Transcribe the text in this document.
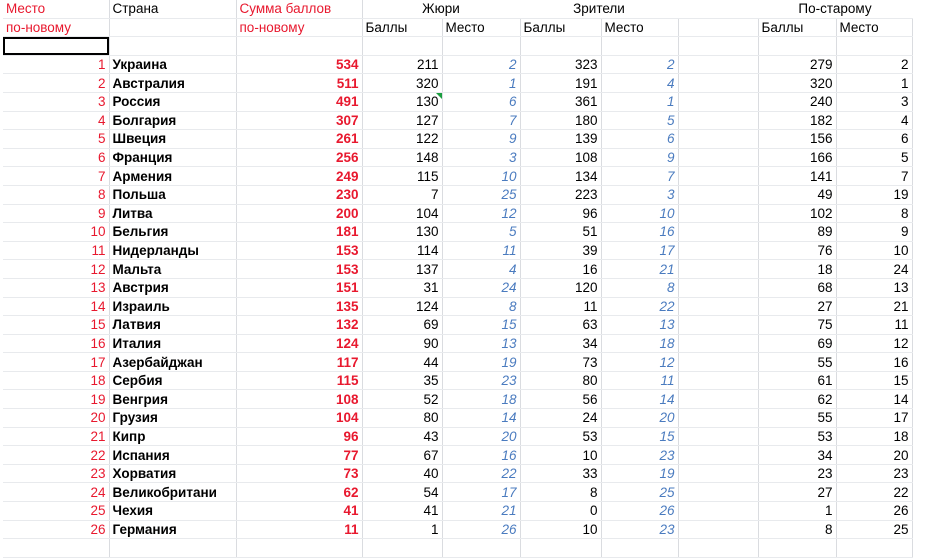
Место	Страна	Сумма баллов	Жюри		Зрители			По-старому	
по-новому		по-новому	Баллы	Место	Баллы	Место		Баллы	Место

1	Украина	534	211	2	323	2		279	2
2	Австралия	511	320	1	191	4		320	1
3	Россия	491	130	6	361	1		240	3
4	Болгария	307	127	7	180	5		182	4
5	Швеция	261	122	9	139	6		156	6
6	Франция	256	148	3	108	9		166	5
7	Армения	249	115	10	134	7		141	7
8	Польша	230	7	25	223	3		49	19
9	Литва	200	104	12	96	10		102	8
10	Бельгия	181	130	5	51	16		89	9
11	Нидерланды	153	114	11	39	17		76	10
12	Мальта	153	137	4	16	21		18	24
13	Австрия	151	31	24	120	8		68	13
14	Израиль	135	124	8	11	22		27	21
15	Латвия	132	69	15	63	13		75	11
16	Италия	124	90	13	34	18		69	12
17	Азербайджан	117	44	19	73	12		55	16
18	Сербия	115	35	23	80	11		61	15
19	Венгрия	108	52	18	56	14		62	14
20	Грузия	104	80	14	24	20		55	17
21	Кипр	96	43	20	53	15		53	18
22	Испания	77	67	16	10	23		34	20
23	Хорватия	73	40	22	33	19		23	23
24	Великобритани	62	54	17	8	25		27	22
25	Чехия	41	41	21	0	26		1	26
26	Германия	11	1	26	10	23		8	25
